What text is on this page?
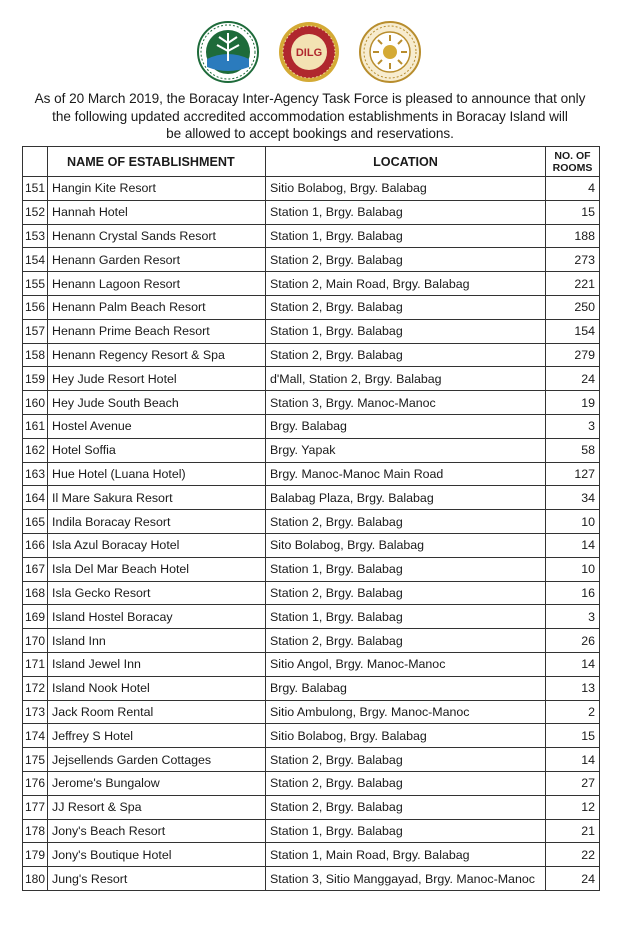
DILG
As of 20 March 2019, the Boracay Inter-Agency Task Force is pleased to announce that only
the following updated accredited accommodation establishments in Boracay Island will
be allowed to accept bookings and reservations.
	NAME OF ESTABLISHMENT	LOCATION	NO. OF
ROOMS
151	Hangin Kite Resort	Sitio Bolabog, Brgy. Balabag	4
152	Hannah Hotel	Station 1, Brgy. Balabag	15
153	Henann Crystal Sands Resort	Station 1, Brgy. Balabag	188
154	Henann Garden Resort	Station 2, Brgy. Balabag	273
155	Henann Lagoon Resort	Station 2, Main Road, Brgy. Balabag	221
156	Henann Palm Beach Resort	Station 2, Brgy. Balabag	250
157	Henann Prime Beach Resort	Station 1, Brgy. Balabag	154
158	Henann Regency Resort & Spa	Station 2, Brgy. Balabag	279
159	Hey Jude Resort Hotel	d'Mall, Station 2, Brgy. Balabag	24
160	Hey Jude South Beach	Station 3, Brgy. Manoc-Manoc	19
161	Hostel Avenue	Brgy. Balabag	3
162	Hotel Soffia	Brgy. Yapak	58
163	Hue Hotel (Luana Hotel)	Brgy. Manoc-Manoc Main Road	127
164	Il Mare Sakura Resort	Balabag Plaza, Brgy. Balabag	34
165	Indila Boracay Resort	Station 2, Brgy. Balabag	10
166	Isla Azul Boracay Hotel	Sito Bolabog, Brgy. Balabag	14
167	Isla Del Mar Beach Hotel	Station 1, Brgy. Balabag	10
168	Isla Gecko Resort	Station 2, Brgy. Balabag	16
169	Island Hostel Boracay	Station 1, Brgy. Balabag	3
170	Island Inn	Station 2, Brgy. Balabag	26
171	Island Jewel Inn	Sitio Angol, Brgy. Manoc-Manoc	14
172	Island Nook Hotel	Brgy. Balabag	13
173	Jack Room Rental	Sitio Ambulong, Brgy. Manoc-Manoc	2
174	Jeffrey S Hotel	Sitio Bolabog, Brgy. Balabag	15
175	Jejsellends Garden Cottages	Station 2, Brgy. Balabag	14
176	Jerome's Bungalow	Station 2, Brgy. Balabag	27
177	JJ Resort & Spa	Station 2, Brgy. Balabag	12
178	Jony's Beach Resort	Station 1, Brgy. Balabag	21
179	Jony's Boutique Hotel	Station 1, Main Road, Brgy. Balabag	22
180	Jung's Resort	Station 3, Sitio Manggayad, Brgy. Manoc-Manoc	24
